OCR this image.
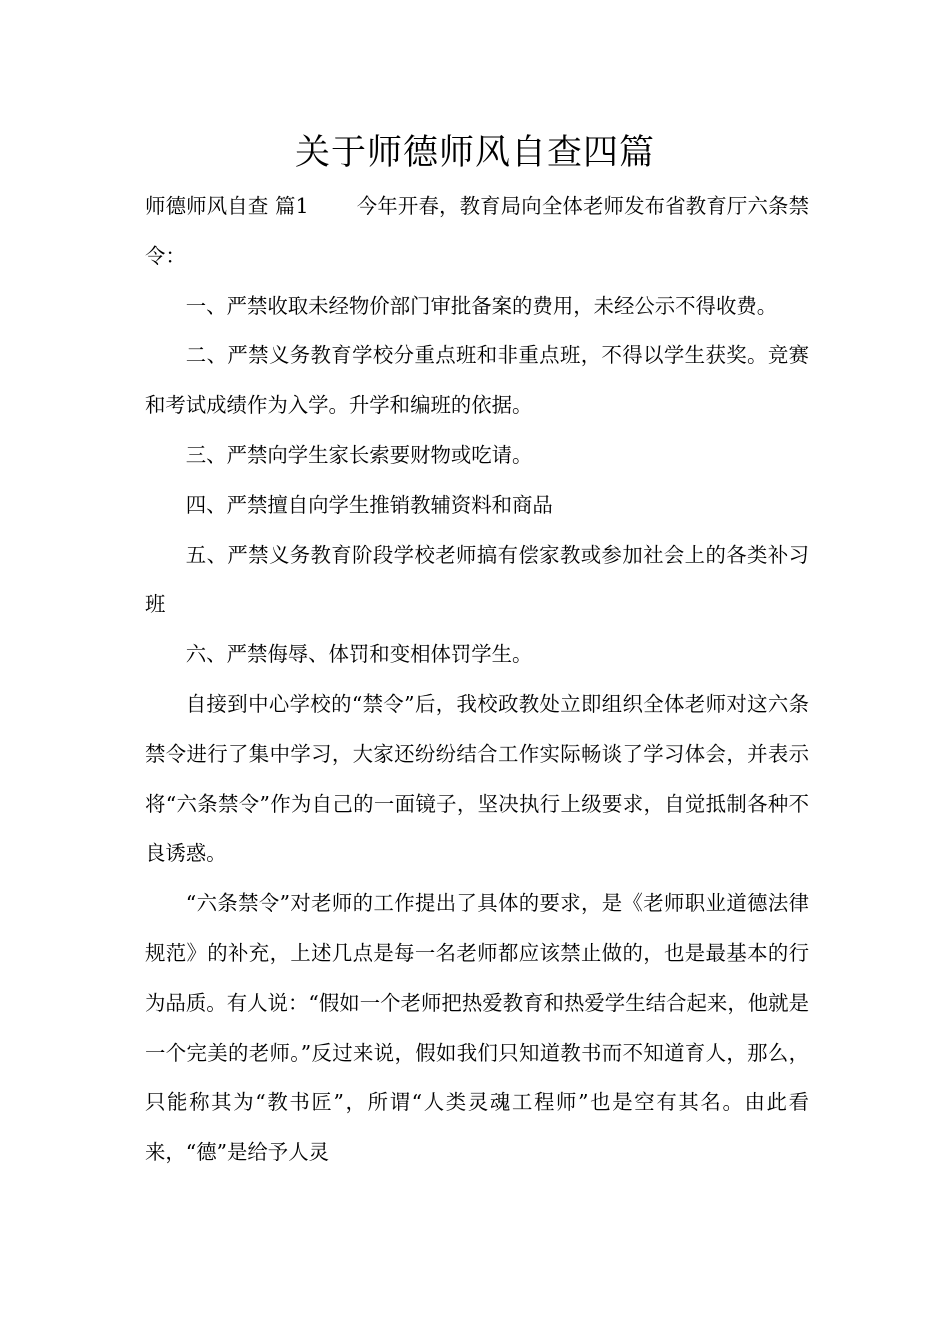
关于师德师风自查四篇

师德师风自查 篇1 今年开春，教育局向全体老师发布省教育厅六条禁令：

一、严禁收取未经物价部门审批备案的费用，未经公示不得收费。

二、严禁义务教育学校分重点班和非重点班，不得以学生获奖。竞赛和考试成绩作为入学。升学和编班的依据。

三、严禁向学生家长索要财物或吃请。

四、严禁擅自向学生推销教辅资料和商品

五、严禁义务教育阶段学校老师搞有偿家教或参加社会上的各类补习班

六、严禁侮辱、体罚和变相体罚学生。

自接到中心学校的“禁令”后，我校政教处立即组织全体老师对这六条禁令进行了集中学习，大家还纷纷结合工作实际畅谈了学习体会，并表示将“六条禁令”作为自己的一面镜子，坚决执行上级要求，自觉抵制各种不良诱惑。

“六条禁令”对老师的工作提出了具体的要求，是《老师职业道德法律规范》的补充，上述几点是每一名老师都应该禁止做的，也是最基本的行为品质。有人说：“假如一个老师把热爱教育和热爱学生结合起来，他就是一个完美的老师。”反过来说，假如我们只知道教书而不知道育人，那么，只能称其为“教书匠”，所谓“人类灵魂工程师”也是空有其名。由此看来，“德”是给予人灵
